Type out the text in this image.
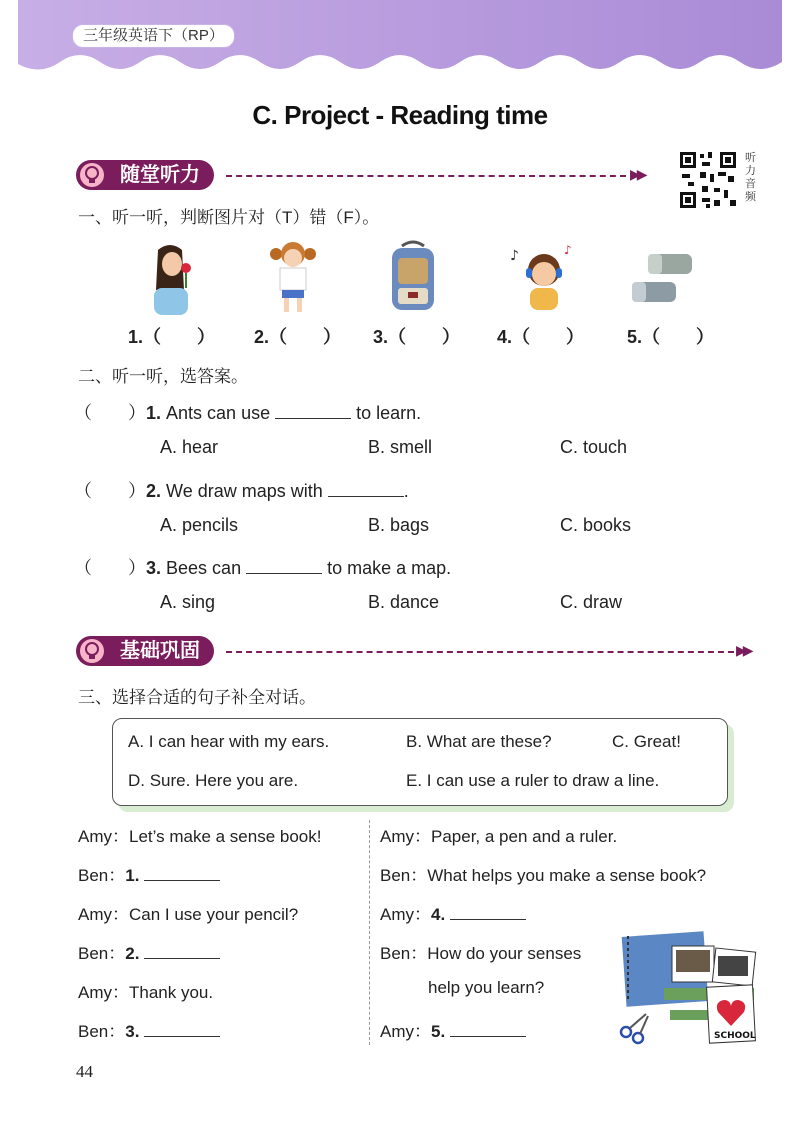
三年级英语下（RP）
C. Project - Reading time
随堂听力	▶▶
听力音频
一、听一听，判断图片对（T）错（F）。
♪	♪
1.（　　） 2.（　　） 3.（　　） 4.（　　） 5.（　　）
二、听一听，选答案。
（　　）1. Ants can use	to learn.
A. hear	B. smell	C. touch
（　　）2. We draw maps with	.
A. pencils	B. bags	C. books
（　　）3. Bees can	to make a map.
A. sing	B. dance	C. draw
基础巩固	▶▶
三、选择合适的句子补全对话。
A. I can hear with my ears.	B. What are these?	C. Great!
D. Sure. Here you are.	E. I can use a ruler to draw a line.
Amy：Let’s make a sense book!
Ben：1.
Amy：Can I use your pencil?
Ben：2.
Amy：Thank you.
Ben：3.
Amy：Paper, a pen and a ruler.
Ben：What helps you make a sense book?
Amy：4.
Ben：How do your senses
help you learn?
Amy：5.	SCHOOL
44
